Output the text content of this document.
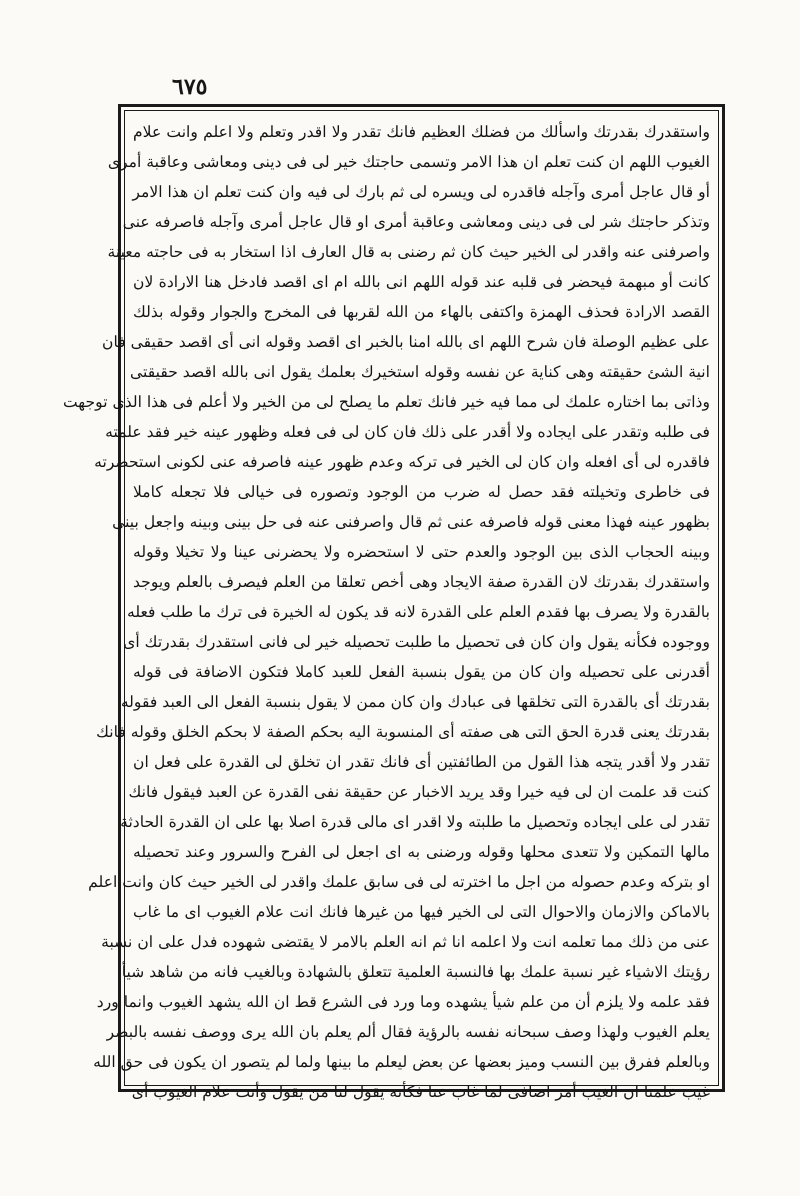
٦٧٥
واستقدرك بقدرتك واسألك من فضلك العظيم فانك تقدر ولا اقدر وتعلم ولا اعلم وانت علام
الغيوب اللهم ان كنت تعلم ان هذا الامر وتسمى حاجتك خير لى فى دينى ومعاشى وعاقبة أمرى
أو قال عاجل أمرى وآجله فاقدره لى ويسره لى ثم بارك لى فيه وان كنت تعلم ان هذا الامر
وتذكر حاجتك شر لى فى دينى ومعاشى وعاقبة أمرى او قال عاجل أمرى وآجله فاصرفه عنى
واصرفنى عنه واقدر لى الخير حيث كان ثم رضنى به قال العارف اذا استخار به فى حاجته معينة
كانت أو مبهمة فيحضر فى قلبه عند قوله اللهم انى بالله ام اى اقصد فادخل هنا الارادة لان
القصد الارادة فحذف الهمزة واكتفى بالهاء من الله لقربها فى المخرج والجوار وقوله بذلك
على عظيم الوصلة فان شرح اللهم اى بالله امنا بالخبر اى اقصد وقوله انى أى اقصد حقيقى فان
انية الشئ حقيقته وهى كناية عن نفسه وقوله استخيرك بعلمك يقول انى بالله اقصد حقيقتى
وذاتى بما اختاره علمك لى مما فيه خير فانك تعلم ما يصلح لى من الخير ولا أعلم فى هذا الذى توجهت
فى طلبه وتقدر على ايجاده ولا أقدر على ذلك فان كان لى فى فعله وظهور عينه خير فقد علمته
فاقدره لى أى افعله وان كان لى الخير فى تركه وعدم ظهور عينه فاصرفه عنى لكونى استحضرته
فى خاطرى وتخيلته فقد حصل له ضرب من الوجود وتصوره فى خيالى فلا تجعله كاملا
بظهور عينه فهذا معنى قوله فاصرفه عنى ثم قال واصرفنى عنه فى حل بينى وبينه واجعل بينى
وبينه الحجاب الذى بين الوجود والعدم حتى لا استحضره ولا يحضرنى عينا ولا تخيلا وقوله
واستقدرك بقدرتك لان القدرة صفة الايجاد وهى أخص تعلقا من العلم فيصرف بالعلم ويوجد
بالقدرة ولا يصرف بها فقدم العلم على القدرة لانه قد يكون له الخيرة فى ترك ما طلب فعله
ووجوده فكأنه يقول وان كان فى تحصيل ما طلبت تحصيله خير لى فانى استقدرك بقدرتك أى
أقدرنى على تحصيله وان كان من يقول بنسبة الفعل للعبد كاملا فتكون الاضافة فى قوله
بقدرتك أى بالقدرة التى تخلقها فى عبادك وان كان ممن لا يقول بنسبة الفعل الى العبد فقوله
بقدرتك يعنى قدرة الحق التى هى صفته أى المنسوبة اليه بحكم الصفة لا بحكم الخلق وقوله فانك
تقدر ولا أقدر يتجه هذا القول من الطائفتين أى فانك تقدر ان تخلق لى القدرة على فعل ان
كنت قد علمت ان لى فيه خيرا وقد يريد الاخبار عن حقيقة نفى القدرة عن العبد فيقول فانك
تقدر لى على ايجاده وتحصيل ما طلبته ولا اقدر اى مالى قدرة اصلا بها على ان القدرة الحادثة
مالها التمكين ولا تتعدى محلها وقوله ورضنى به اى اجعل لى الفرح والسرور وعند تحصيله
او بتركه وعدم حصوله من اجل ما اخترته لى فى سابق علمك واقدر لى الخير حيث كان وانت اعلم
بالاماكن والازمان والاحوال التى لى الخير فيها من غيرها فانك انت علام الغيوب اى ما غاب
عنى من ذلك مما تعلمه انت ولا اعلمه انا ثم انه العلم بالامر لا يقتضى شهوده فدل على ان نسبة
رؤيتك الاشياء غير نسبة علمك بها فالنسبة العلمية تتعلق بالشهادة وبالغيب فانه من شاهد شيأ
فقد علمه ولا يلزم أن من علم شيأ يشهده وما ورد فى الشرع قط ان الله يشهد الغيوب وانما ورد
يعلم الغيوب ولهذا وصف سبحانه نفسه بالرؤية فقال ألم يعلم بان الله يرى ووصف نفسه بالبصر
وبالعلم ففرق بين النسب وميز بعضها عن بعض ليعلم ما بينها ولما لم يتصور ان يكون فى حق الله
غيب علمنا ان الغيب أمر اضافى لما غاب عنا فكأنه يقول لنا من يقول وأنت علام الغيوب أى
